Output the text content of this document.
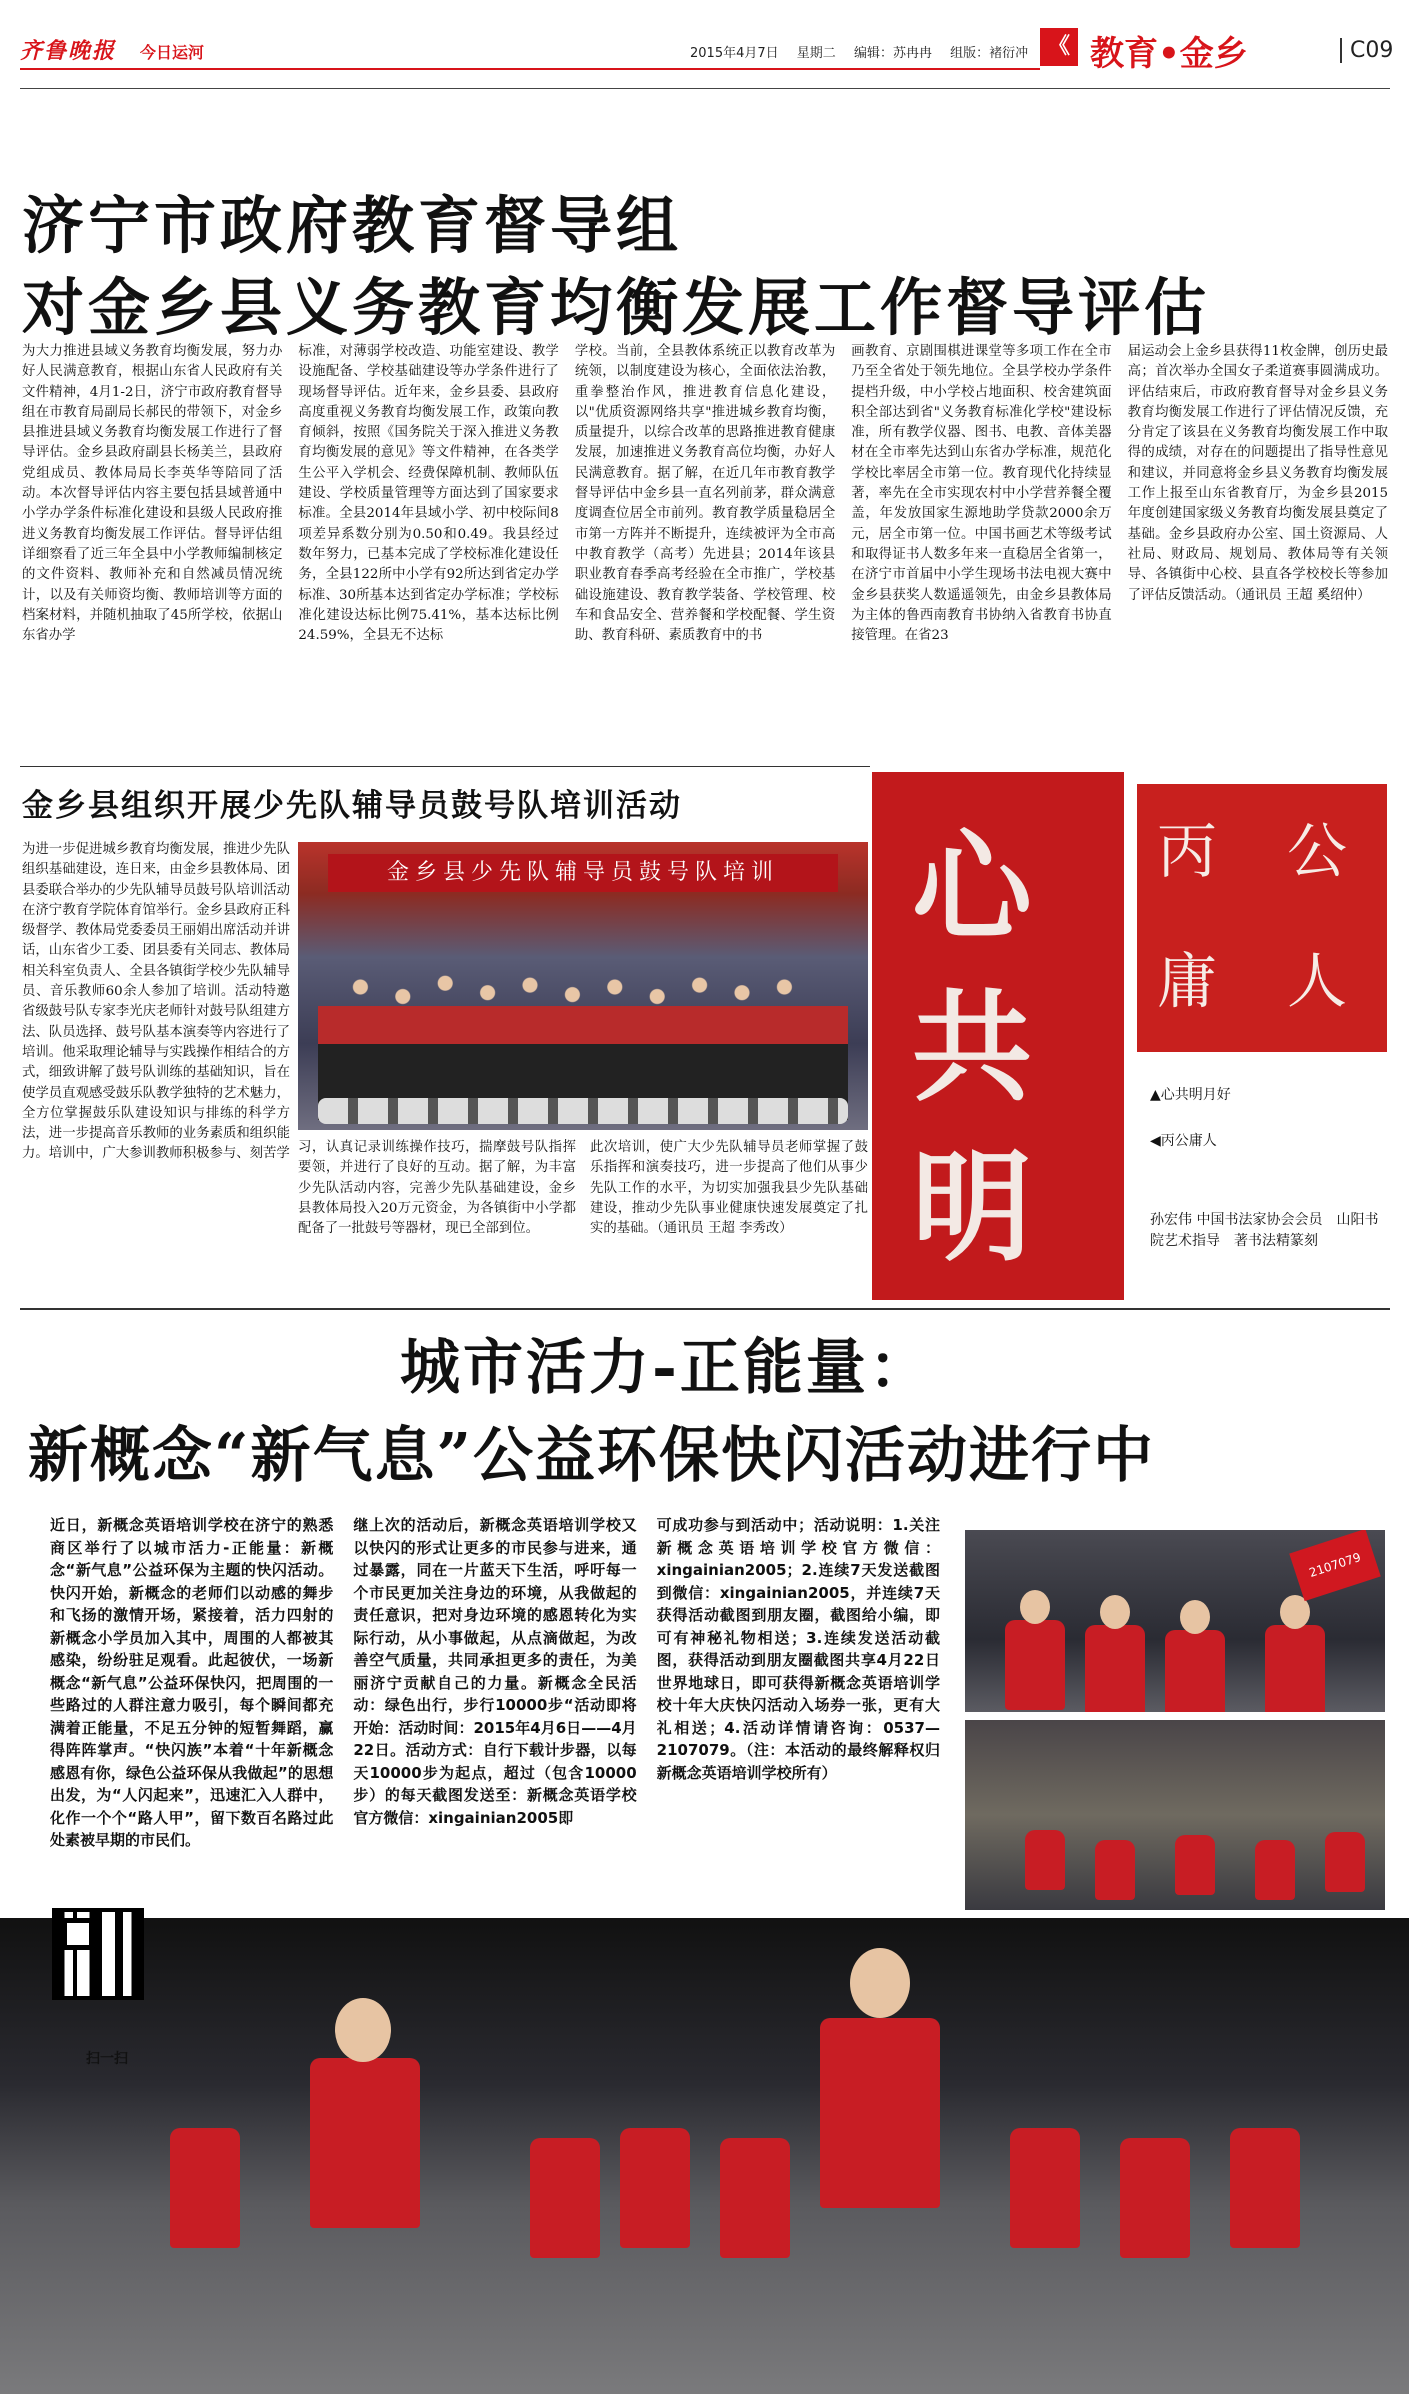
齐鲁晚报 今日运河	2015年4月7日 星期二 编辑：苏冉冉 组版：褚衍冲 《 教育•金乡	C09
济宁市政府教育督导组
对金乡县义务教育均衡发展工作督导评估
为大力推进县域义务教育均衡发展，努力办好人民满意教育，根据山东省人民政府有关文件精神，4月1-2日，济宁市政府教育督导组在市教育局副局长郝民的带领下，对金乡县推进县域义务教育均衡发展工作进行了督导评估。金乡县政府副县长杨美兰，县政府党组成员、教体局局长李英华等陪同了活动。本次督导评估内容主要包括县域普通中小学办学条件标准化建设和县级人民政府推进义务教育均衡发展工作评估。督导评估组详细察看了近三年全县中小学教师编制核定的文件资料、教师补充和自然减员情况统计，以及有关师资均衡、教师培训等方面的档案材料，并随机抽取了45所学校，依据山东省办学
标准，对薄弱学校改造、功能室建设、教学设施配备、学校基础建设等办学条件进行了现场督导评估。近年来，金乡县委、县政府高度重视义务教育均衡发展工作，政策向教育倾斜，按照《国务院关于深入推进义务教育均衡发展的意见》等文件精神，在各类学生公平入学机会、经费保障机制、教师队伍建设、学校质量管理等方面达到了国家要求标准。全县2014年县域小学、初中校际间8项差异系数分别为0.50和0.49。我县经过数年努力，已基本完成了学校标准化建设任务，全县122所中小学有92所达到省定办学标准、30所基本达到省定办学标准；学校标准化建设达标比例75.41%，基本达标比例24.59%，全县无不达标
学校。当前，全县教体系统正以教育改革为统领，以制度建设为核心，全面依法治教，重拳整治作风，推进教育信息化建设，以"优质资源网络共享"推进城乡教育均衡，质量提升，以综合改革的思路推进教育健康发展，加速推进义务教育高位均衡，办好人民满意教育。据了解，在近几年市教育教学督导评估中金乡县一直名列前茅，群众满意度调查位居全市前列。教育教学质量稳居全市第一方阵并不断提升，连续被评为全市高中教育教学（高考）先进县；2014年该县职业教育春季高考经验在全市推广，学校基础设施建设、教育教学装备、学校管理、校车和食品安全、营养餐和学校配餐、学生资助、教育科研、素质教育中的书
画教育、京剧围棋进课堂等多项工作在全市乃至全省处于领先地位。全县学校办学条件提档升级，中小学校占地面积、校舍建筑面积全部达到省"义务教育标准化学校"建设标准，所有教学仪器、图书、电教、音体美器材在全市率先达到山东省办学标准，规范化学校比率居全市第一位。教育现代化持续显著，率先在全市实现农村中小学营养餐全覆盖，年发放国家生源地助学贷款2000余万元，居全市第一位。中国书画艺术等级考试和取得证书人数多年来一直稳居全省第一，在济宁市首届中小学生现场书法电视大赛中金乡县获奖人数遥遥领先，由金乡县教体局为主体的鲁西南教育书协纳入省教育书协直接管理。在省23
届运动会上金乡县获得11枚金牌，创历史最高；首次举办全国女子柔道赛事圆满成功。评估结束后，市政府教育督导对金乡县义务教育均衡发展工作进行了评估情况反馈，充分肯定了该县在义务教育均衡发展工作中取得的成绩，对存在的问题提出了指导性意见和建议，并同意将金乡县义务教育均衡发展工作上报至山东省教育厅，为金乡县2015年度创建国家级义务教育均衡发展县奠定了基础。金乡县政府办公室、国土资源局、人社局、财政局、规划局、教体局等有关领导、各镇街中心校、县直各学校校长等参加了评估反馈活动。（通讯员 王超 奚绍仲）
金乡县组织开展少先队辅导员鼓号队培训活动
为进一步促进城乡教育均衡发展，推进少先队组织基础建设，连日来，由金乡县教体局、团县委联合举办的少先队辅导员鼓号队培训活动在济宁教育学院体育馆举行。金乡县政府正科级督学、教体局党委委员王丽娟出席活动并讲话，山东省少工委、团县委有关同志、教体局相关科室负责人、全县各镇街学校少先队辅导员、音乐教师60余人参加了培训。活动特邀省级鼓号队专家李光庆老师针对鼓号队组建方法、队员选择、鼓号队基本演奏等内容进行了培训。他采取理论辅导与实践操作相结合的方式，细致讲解了鼓号队训练的基础知识，旨在使学员直观感受鼓乐队教学独特的艺术魅力，全方位掌握鼓乐队建设知识与排练的科学方法，进一步提高音乐教师的业务素质和组织能力。培训中，广大参训教师积极参与、刻苦学
金乡县少先队辅导员鼓号队培训
习，认真记录训练操作技巧，揣摩鼓号队指挥要领，并进行了良好的互动。据了解，为丰富少先队活动内容，完善少先队基础建设，金乡县教体局投入20万元资金，为各镇街中小学都配备了一批鼓号等器材，现已全部到位。
此次培训，使广大少先队辅导员老师掌握了鼓乐指挥和演奏技巧，进一步提高了他们从事少先队工作的水平，为切实加强我县少先队基础建设，推动少先队事业健康快速发展奠定了扎实的基础。（通讯员 王超 李秀改）
心
共
明
丙 公
庸 人
▲心共明月好
◀丙公庸人
孙宏伟 中国书法家协会会员　山阳书院艺术指导　著书法精篆刻
城市活力-正能量：
新概念“新气息”公益环保快闪活动进行中
近日，新概念英语培训学校在济宁的熟悉商区举行了以城市活力-正能量：新概念“新气息”公益环保为主题的快闪活动。快闪开始，新概念的老师们以动感的舞步和飞扬的激情开场，紧接着，活力四射的新概念小学员加入其中，周围的人都被其感染，纷纷驻足观看。此起彼伏，一场新概念“新气息”公益环保快闪，把周围的一些路过的人群注意力吸引，每个瞬间都充满着正能量，不足五分钟的短暂舞蹈，赢得阵阵掌声。“快闪族”本着“十年新概念感恩有你，绿色公益环保从我做起”的思想出发，为“人闪起来”，迅速汇入人群中，化作一个个“路人甲”，留下数百名路过此处素被早期的市民们。
继上次的活动后，新概念英语培训学校又以快闪的形式让更多的市民参与进来，通过暴露，同在一片蓝天下生活，呼吁每一个市民更加关注身边的环境，从我做起的责任意识，把对身边环境的感恩转化为实际行动，从小事做起，从点滴做起，为改善空气质量，共同承担更多的责任，为美丽济宁贡献自己的力量。新概念全民活动：绿色出行，步行10000步“活动即将开始：活动时间：2015年4月6日——4月22日。活动方式：自行下载计步器，以每天10000步为起点，超过（包含10000步）的每天截图发送至：新概念英语学校官方微信：xingainian2005即
可成功参与到活动中；活动说明：1.关注新概念英语培训学校官方微信：xingainian2005；2.连续7天发送截图到微信：xingainian2005，并连续7天获得活动截图到朋友圈，截图给小编，即可有神秘礼物相送；3.连续发送活动截图，获得活动到朋友圈截图共享4月22日世界地球日，即可获得新概念英语培训学校十年大庆快闪活动入场券一张，更有大礼相送；4.活动详情请咨询：0537—2107079。（注：本活动的最终解释权归新概念英语培训学校所有）
2107079
扫一扫
